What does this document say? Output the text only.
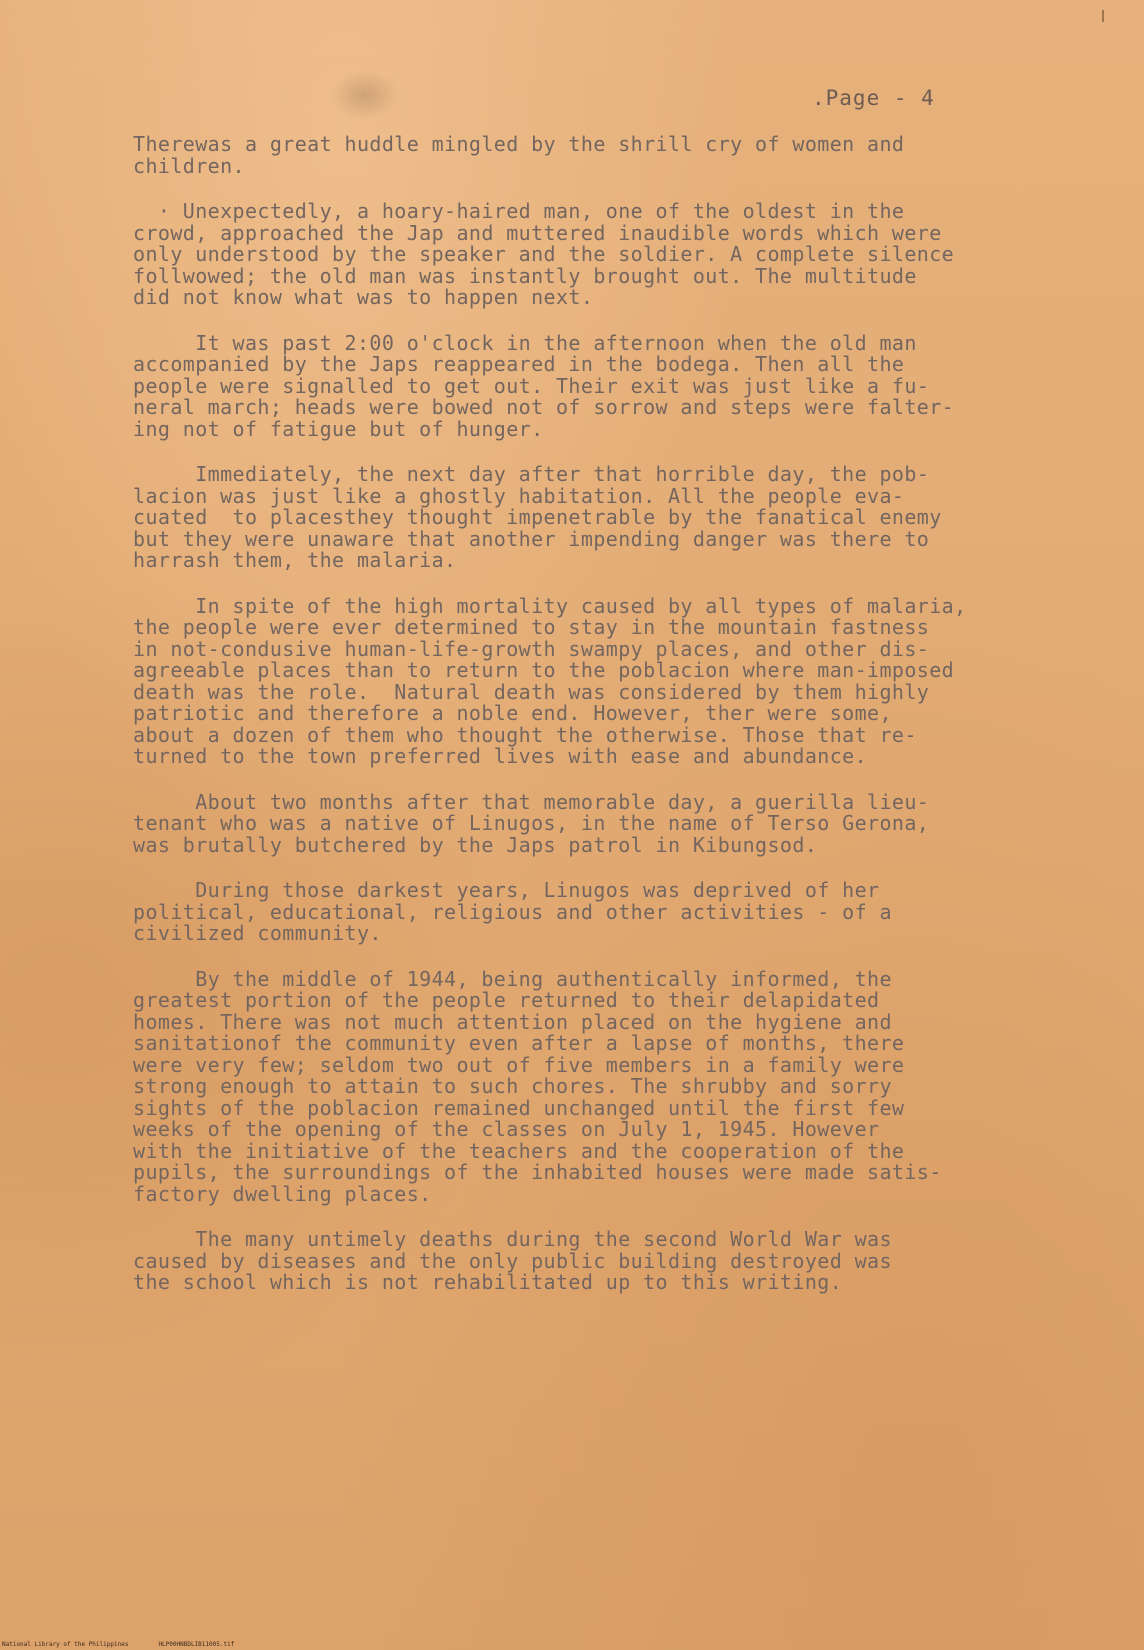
.Page - 4
Therewas a great huddle mingled by the shrill cry of women and
children.
· Unexpectedly, a hoary-haired man, one of the oldest in the
crowd, approached the Jap and muttered inaudible words which were
only understood by the speaker and the soldier. A complete silence
follwowed; the old man was instantly brought out. The multitude
did not know what was to happen next.
It was past 2:00 o'clock in the afternoon when the old man
accompanied by the Japs reappeared in the bodega. Then all the
people were signalled to get out. Their exit was just like a fu-
neral march; heads were bowed not of sorrow and steps were falter-
ing not of fatigue but of hunger.
Immediately, the next day after that horrible day, the pob-
lacion was just like a ghostly habitation. All the people eva-
cuated  to placesthey thought impenetrable by the fanatical enemy
but they were unaware that another impending danger was there to
harrash them, the malaria.
In spite of the high mortality caused by all types of malaria,
the people were ever determined to stay in the mountain fastness
in not-condusive human-life-growth swampy places, and other dis-
agreeable places than to return to the poblacion where man-imposed
death was the role.  Natural death was considered by them highly
patriotic and therefore a noble end. However, ther were some,
about a dozen of them who thought the otherwise. Those that re-
turned to the town preferred lives with ease and abundance.
About two months after that memorable day, a guerilla lieu-
tenant who was a native of Linugos, in the name of Terso Gerona,
was brutally butchered by the Japs patrol in Kibungsod.
During those darkest years, Linugos was deprived of her
political, educational, religious and other activities - of a
civilized community.
By the middle of 1944, being authentically informed, the
greatest portion of the people returned to their delapidated
homes. There was not much attention placed on the hygiene and
sanitationof the community even after a lapse of months, there
were very few; seldom two out of five members in a family were
strong enough to attain to such chores. The shrubby and sorry
sights of the poblacion remained unchanged until the first few
weeks of the opening of the classes on July 1, 1945. However
with the initiative of the teachers and the cooperation of the
pupils, the surroundings of the inhabited houses were made satis-
factory dwelling places.
The many untimely deaths during the second World War was
caused by diseases and the only public building destroyed was
the school which is not rehabilitated up to this writing.
National Library of the Philippines	HLP00HNBDLIB11005.tif
